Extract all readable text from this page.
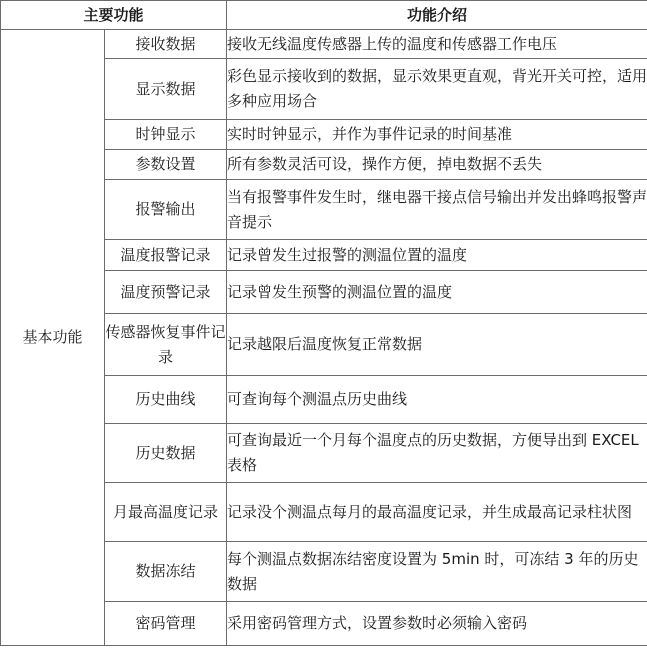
主要功能		功能介绍
基本功能	接收数据	接收无线温度传感器上传的温度和传感器工作电压
	显示数据	彩色显示接收到的数据，显示效果更直观，背光开关可控，适用多种应用场合
	时钟显示	实时时钟显示，并作为事件记录的时间基准
	参数设置	所有参数灵活可设，操作方便，掉电数据不丢失
	报警输出	当有报警事件发生时，继电器干接点信号输出并发出蜂鸣报警声音提示
	温度报警记录	记录曾发生过报警的测温位置的温度
	温度预警记录	记录曾发生预警的测温位置的温度
	传感器恢复事件记录	记录越限后温度恢复正常数据
	历史曲线	可查询每个测温点历史曲线
	历史数据	可查询最近一个月每个温度点的历史数据，方便导出到 EXCEL 表格
	月最高温度记录	记录没个测温点每月的最高温度记录，并生成最高记录柱状图
	数据冻结	每个测温点数据冻结密度设置为 5min 时，可冻结 3 年的历史数据
	密码管理	采用密码管理方式，设置参数时必须输入密码
